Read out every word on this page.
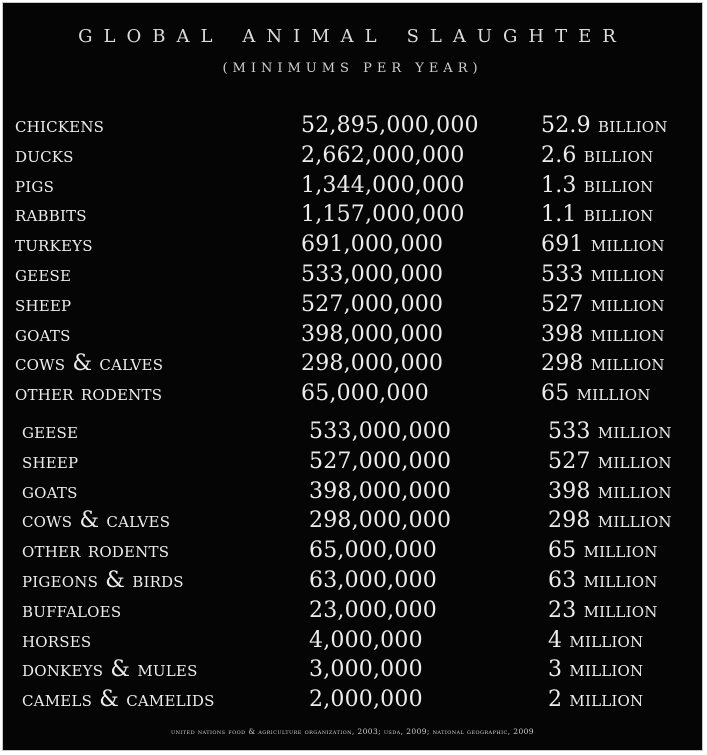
global animal slaughter
(MINIMUMS PER YEAR)
chickens	52,895,000,000	52.9 billion
ducks	2,662,000,000	2.6 billion
pigs	1,344,000,000	1.3 billion
rabbits	1,157,000,000	1.1 billion
turkeys	691,000,000	691 million
geese	533,000,000	533 million
sheep	527,000,000	527 million
goats	398,000,000	398 million
cows & calves	298,000,000	298 million
other rodents	65,000,000	65 million
geese	533,000,000	533 million
sheep	527,000,000	527 million
goats	398,000,000	398 million
cows & calves	298,000,000	298 million
other rodents	65,000,000	65 million
pigeons & birds	63,000,000	63 million
buffaloes	23,000,000	23 million
horses	4,000,000	4 million
donkeys & mules	3,000,000	3 million
camels & camelids	2,000,000	2 million
united nations food & agriculture organization, 2003; usda, 2009; national geographic, 2009
